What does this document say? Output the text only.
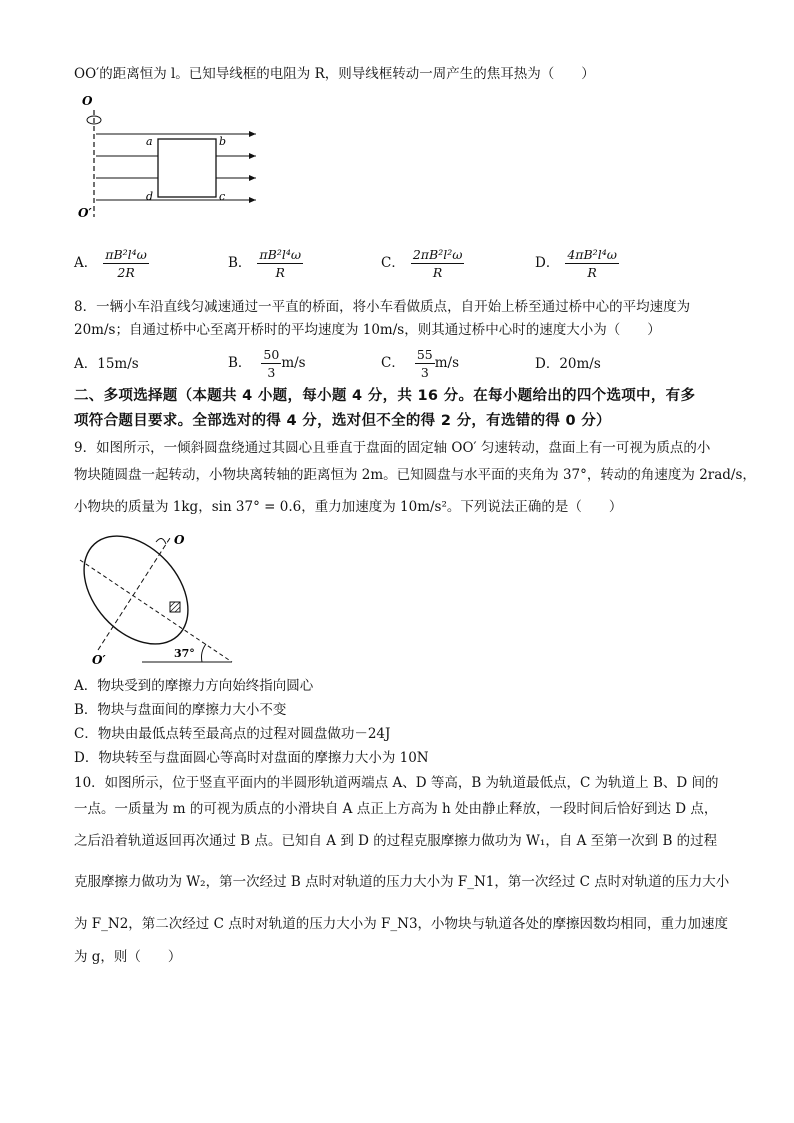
OO′的距离恒为 l。已知导线框的电阻为 R，则导线框转动一周产生的焦耳热为（　　）
O
a	b
c
d
O′
A． $\frac{\text{πB²l⁴ω}}{2R}$	B． $\frac{\text{πB²l⁴ω}}{R}$	C． $\frac{\text{2πB²l²ω}}{R}$	D． $\frac{\text{4πB²l⁴ω}}{R}$
8．一辆小车沿直线匀减速通过一平直的桥面，将小车看做质点，自开始上桥至通过桥中心的平均速度为
20m/s；自通过桥中心至离开桥时的平均速度为 10m/s，则其通过桥中心时的速度大小为（　　）
A．15m/s	B． $\frac{50}{3} m/s$	C． $\frac{55}{3} m/s$	D．20m/s
二、多项选择题（本题共 4 小题，每小题 4 分，共 16 分。在每小题给出的四个选项中，有多
项符合题目要求。全部选对的得 4 分，选对但不全的得 2 分，有选错的得 0 分）
9．如图所示，一倾斜圆盘绕通过其圆心且垂直于盘面的固定轴 OO′ 匀速转动，盘面上有一可视为质点的小
物块随圆盘一起转动，小物块离转轴的距离恒为 2m。已知圆盘与水平面的夹角为 37°，转动的角速度为 2rad/s，
小物块的质量为 1kg，sin 37° = 0.6，重力加速度为 10m/s²。下列说法正确的是（　　）
O
O′	37°
A．物块受到的摩擦力方向始终指向圆心
B．物块与盘面间的摩擦力大小不变
C．物块由最低点转至最高点的过程对圆盘做功－24J
D．物块转至与盘面圆心等高时对盘面的摩擦力大小为 10N
10．如图所示，位于竖直平面内的半圆形轨道两端点 A、D 等高，B 为轨道最低点，C 为轨道上 B、D 间的
一点。一质量为 m 的可视为质点的小滑块自 A 点正上方高为 h 处由静止释放，一段时间后恰好到达 D 点，
之后沿着轨道返回再次通过 B 点。已知自 A 到 D 的过程克服摩擦力做功为 W₁，自 A 至第一次到 B 的过程
克服摩擦力做功为 W₂，第一次经过 B 点时对轨道的压力大小为 F_N1，第一次经过 C 点时对轨道的压力大小
为 F_N2，第二次经过 C 点时对轨道的压力大小为 F_N3，小物块与轨道各处的摩擦因数均相同，重力加速度
为 g，则（　　）
